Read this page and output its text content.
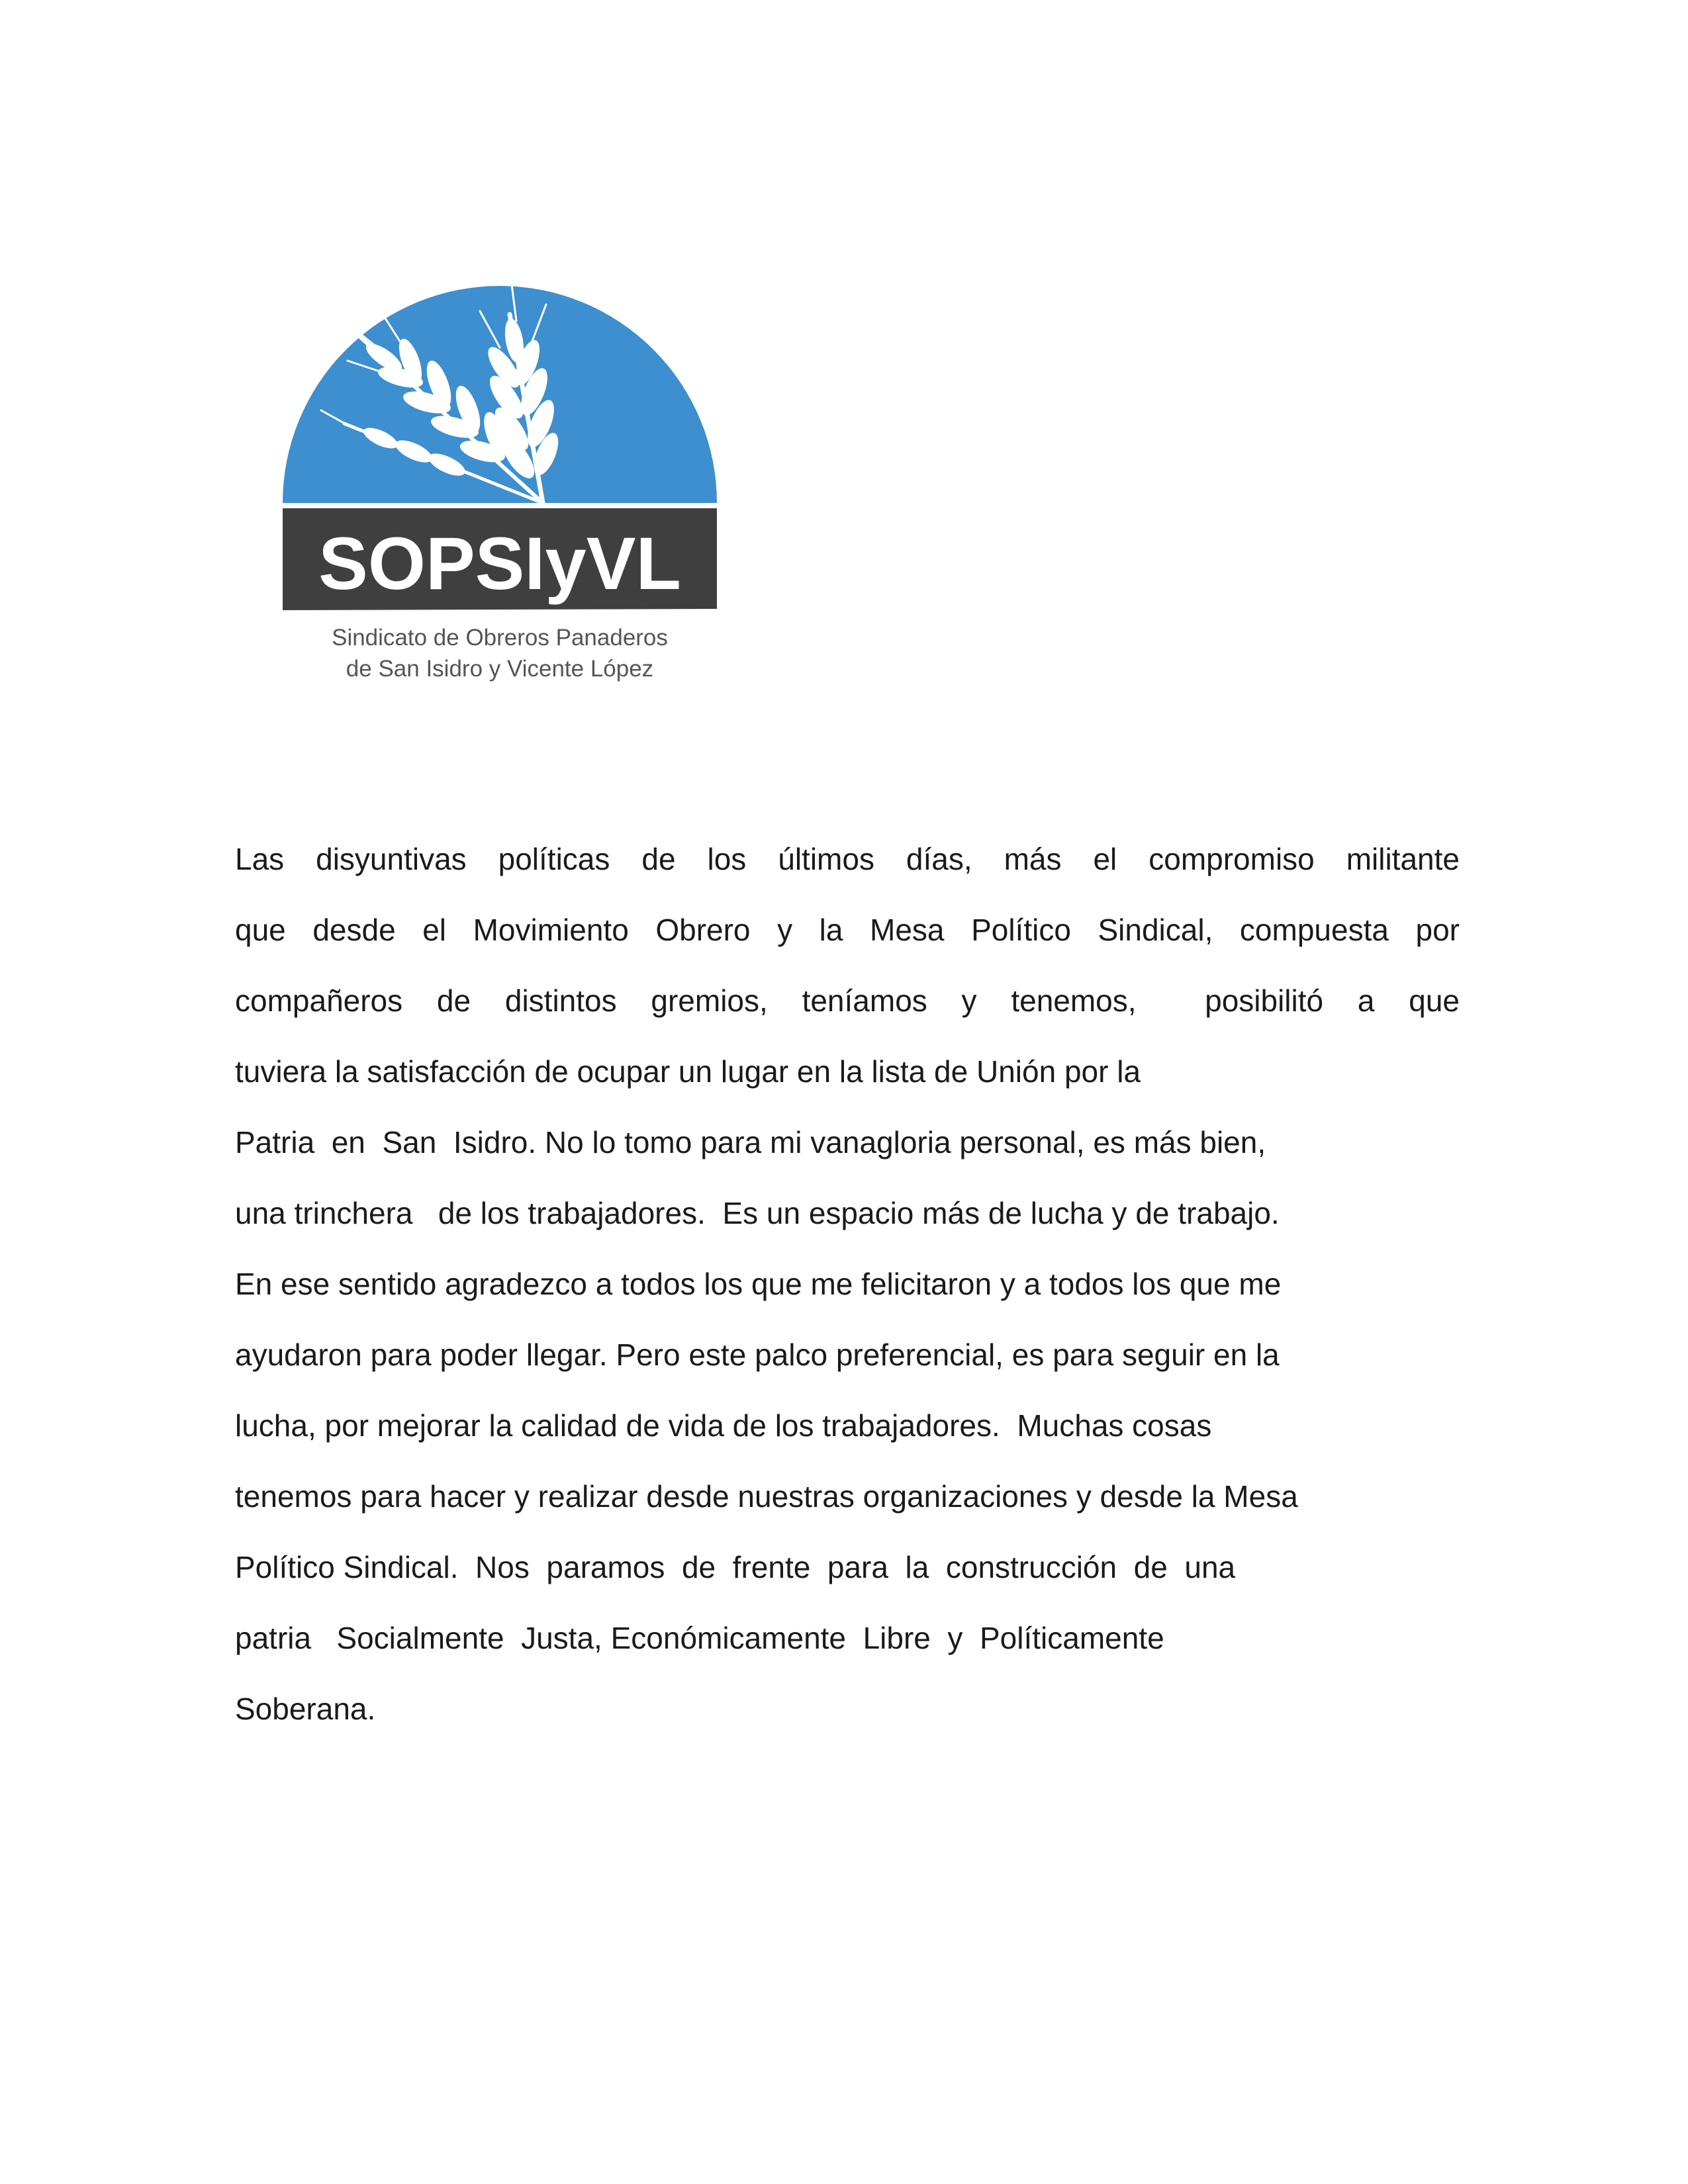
SOPSIyVL
Sindicato de Obreros Panaderos
de San Isidro y Vicente López
Las disyuntivas políticas de los últimos días, más el compromiso militante
que desde el Movimiento Obrero y la Mesa Político Sindical, compuesta por
compañeros de distintos gremios, teníamos y tenemos,  posibilitó a que
tuviera la satisfacción de ocupar un lugar en la lista de Unión por la
Patria  en  San  Isidro. No lo tomo para mi vanagloria personal, es más bien,
una trinchera   de los trabajadores.  Es un espacio más de lucha y de trabajo.
En ese sentido agradezco a todos los que me felicitaron y a todos los que me
ayudaron para poder llegar. Pero este palco preferencial, es para seguir en la
lucha, por mejorar la calidad de vida de los trabajadores.  Muchas cosas
tenemos para hacer y realizar desde nuestras organizaciones y desde la Mesa
Político Sindical.  Nos  paramos  de  frente  para  la  construcción  de  una
patria   Socialmente  Justa, Económicamente  Libre  y  Políticamente
Soberana.
